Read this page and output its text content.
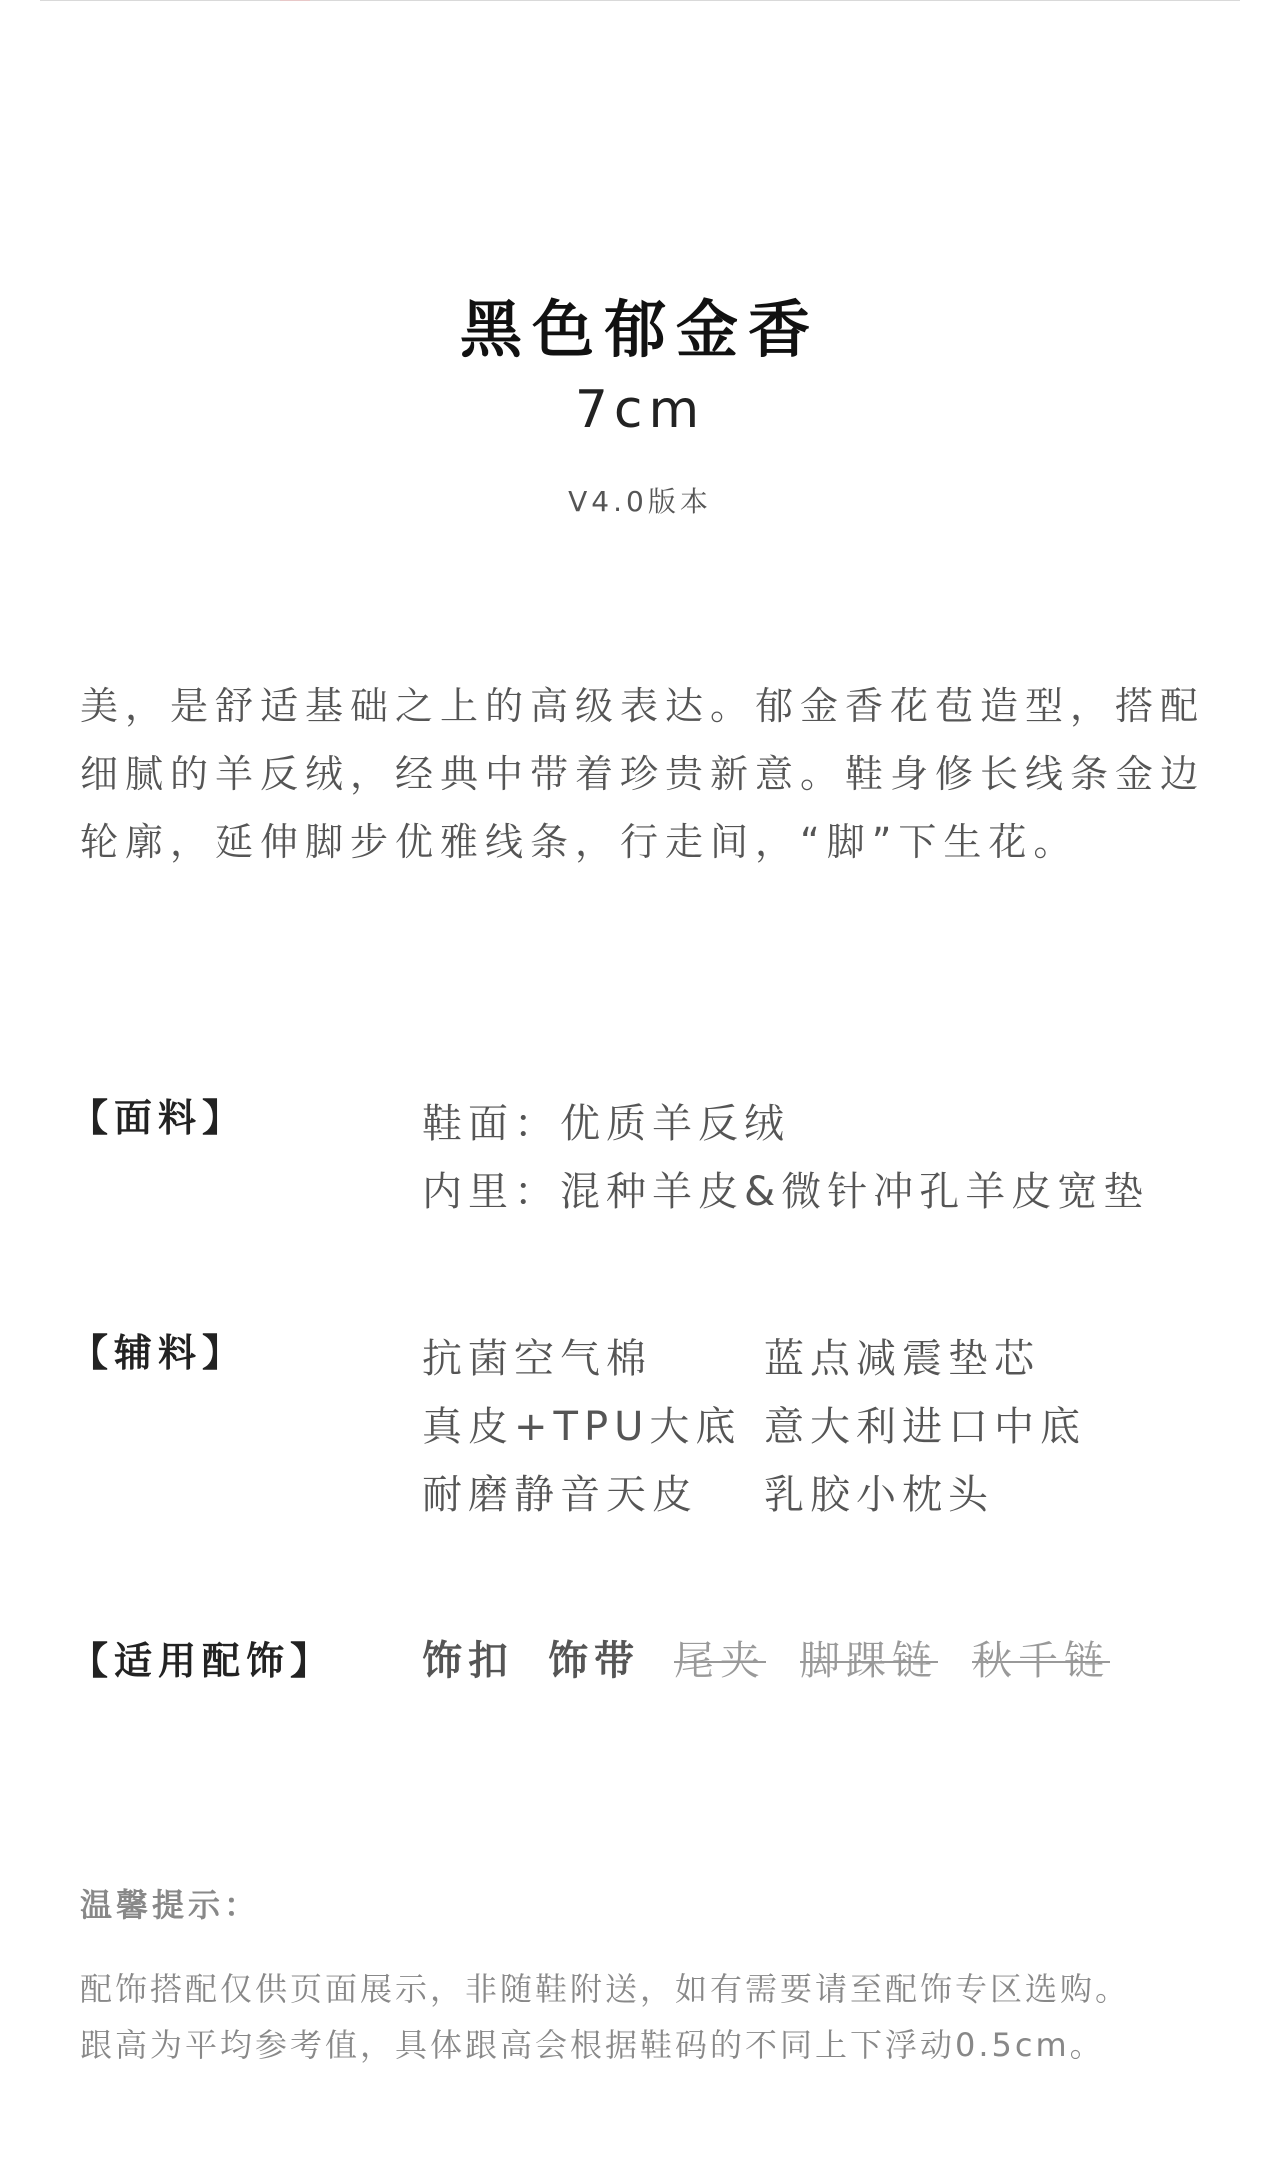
黑色郁金香
7cm
V4.0版本

美，是舒适基础之上的高级表达。郁金香花苞造型，搭配细腻的羊反绒，经典中带着珍贵新意。鞋身修长线条金边轮廓，延伸脚步优雅线条，行走间，“脚”下生花。

【面料】	鞋面：优质羊反绒
内里：混种羊皮&微针冲孔羊皮宽垫
【辅料】	抗菌空气棉	蓝点减震垫芯
真皮+TPU大底 意大利进口中底
耐磨静音天皮	乳胶小枕头
【适用配饰】 饰扣 饰带 尾夹 脚踝链 秋千链
温馨提示：
配饰搭配仅供页面展示，非随鞋附送，如有需要请至配饰专区选购。
跟高为平均参考值，具体跟高会根据鞋码的不同上下浮动0.5cm。
